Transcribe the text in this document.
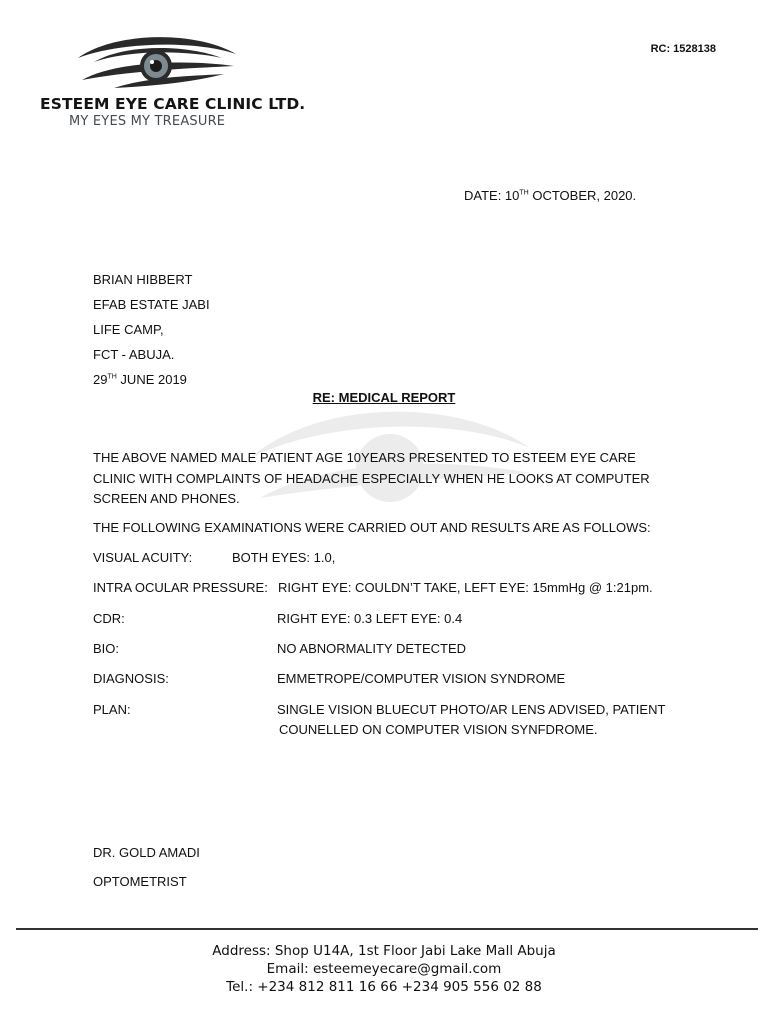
ESTEEM EYE CARE CLINIC LTD.
MY EYES MY TREASURE
RC: 1528138
DATE: 10TH OCTOBER, 2020.
BRIAN HIBBERT
EFAB ESTATE JABI
LIFE CAMP,
FCT - ABUJA.
29TH JUNE 2019
RE: MEDICAL REPORT
THE ABOVE NAMED MALE PATIENT AGE 10YEARS PRESENTED TO ESTEEM EYE CARE CLINIC WITH COMPLAINTS OF HEADACHE ESPECIALLY WHEN HE LOOKS AT COMPUTER SCREEN AND PHONES.
THE FOLLOWING EXAMINATIONS WERE CARRIED OUT AND RESULTS ARE AS FOLLOWS:
VISUAL ACUITY:	BOTH EYES: 1.0,
INTRA OCULAR PRESSURE: RIGHT EYE: COULDN’T TAKE, LEFT EYE: 15mmHg @ 1:21pm.
CDR:	RIGHT EYE: 0.3 LEFT EYE: 0.4
BIO:	NO ABNORMALITY DETECTED
DIAGNOSIS:	EMMETROPE/COMPUTER VISION SYNDROME
PLAN:	SINGLE VISION BLUECUT PHOTO/AR LENS ADVISED, PATIENT
COUNELLED ON COMPUTER VISION SYNFDROME.
DR. GOLD AMADI
OPTOMETRIST
Address: Shop U14A, 1st Floor Jabi Lake Mall Abuja
Email: esteemeyecare@gmail.com
Tel.: +234 812 811 16 66 +234 905 556 02 88
